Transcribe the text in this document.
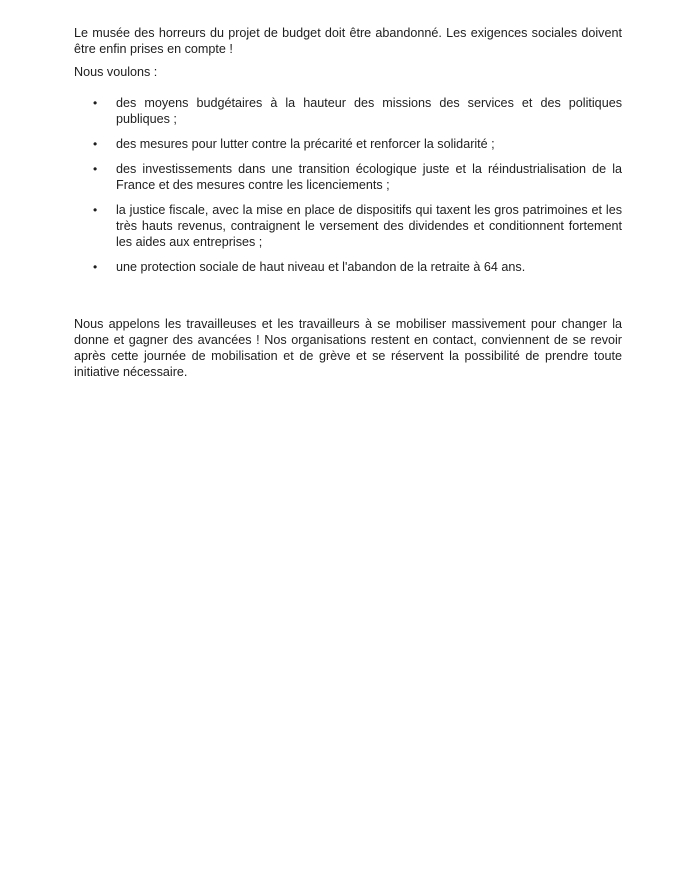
Le musée des horreurs du projet de budget doit être abandonné. Les exigences sociales doivent être enfin prises en compte !

Nous voulons :

•	des moyens budgétaires à la hauteur des missions des services et des politiques publiques ;
•	des mesures pour lutter contre la précarité et renforcer la solidarité ;
•	des investissements dans une transition écologique juste et la réindustrialisation de la France et des mesures contre les licenciements ;
•	la justice fiscale, avec la mise en place de dispositifs qui taxent les gros patrimoines et les très hauts revenus, contraignent le versement des dividendes et conditionnent fortement les aides aux entreprises ;
•	une protection sociale de haut niveau et l'abandon de la retraite à 64 ans.

Nous appelons les travailleuses et les travailleurs à se mobiliser massivement pour changer la donne et gagner des avancées ! Nos organisations restent en contact, conviennent de se revoir après cette journée de mobilisation et de grève et se réservent la possibilité de prendre toute initiative nécessaire.
